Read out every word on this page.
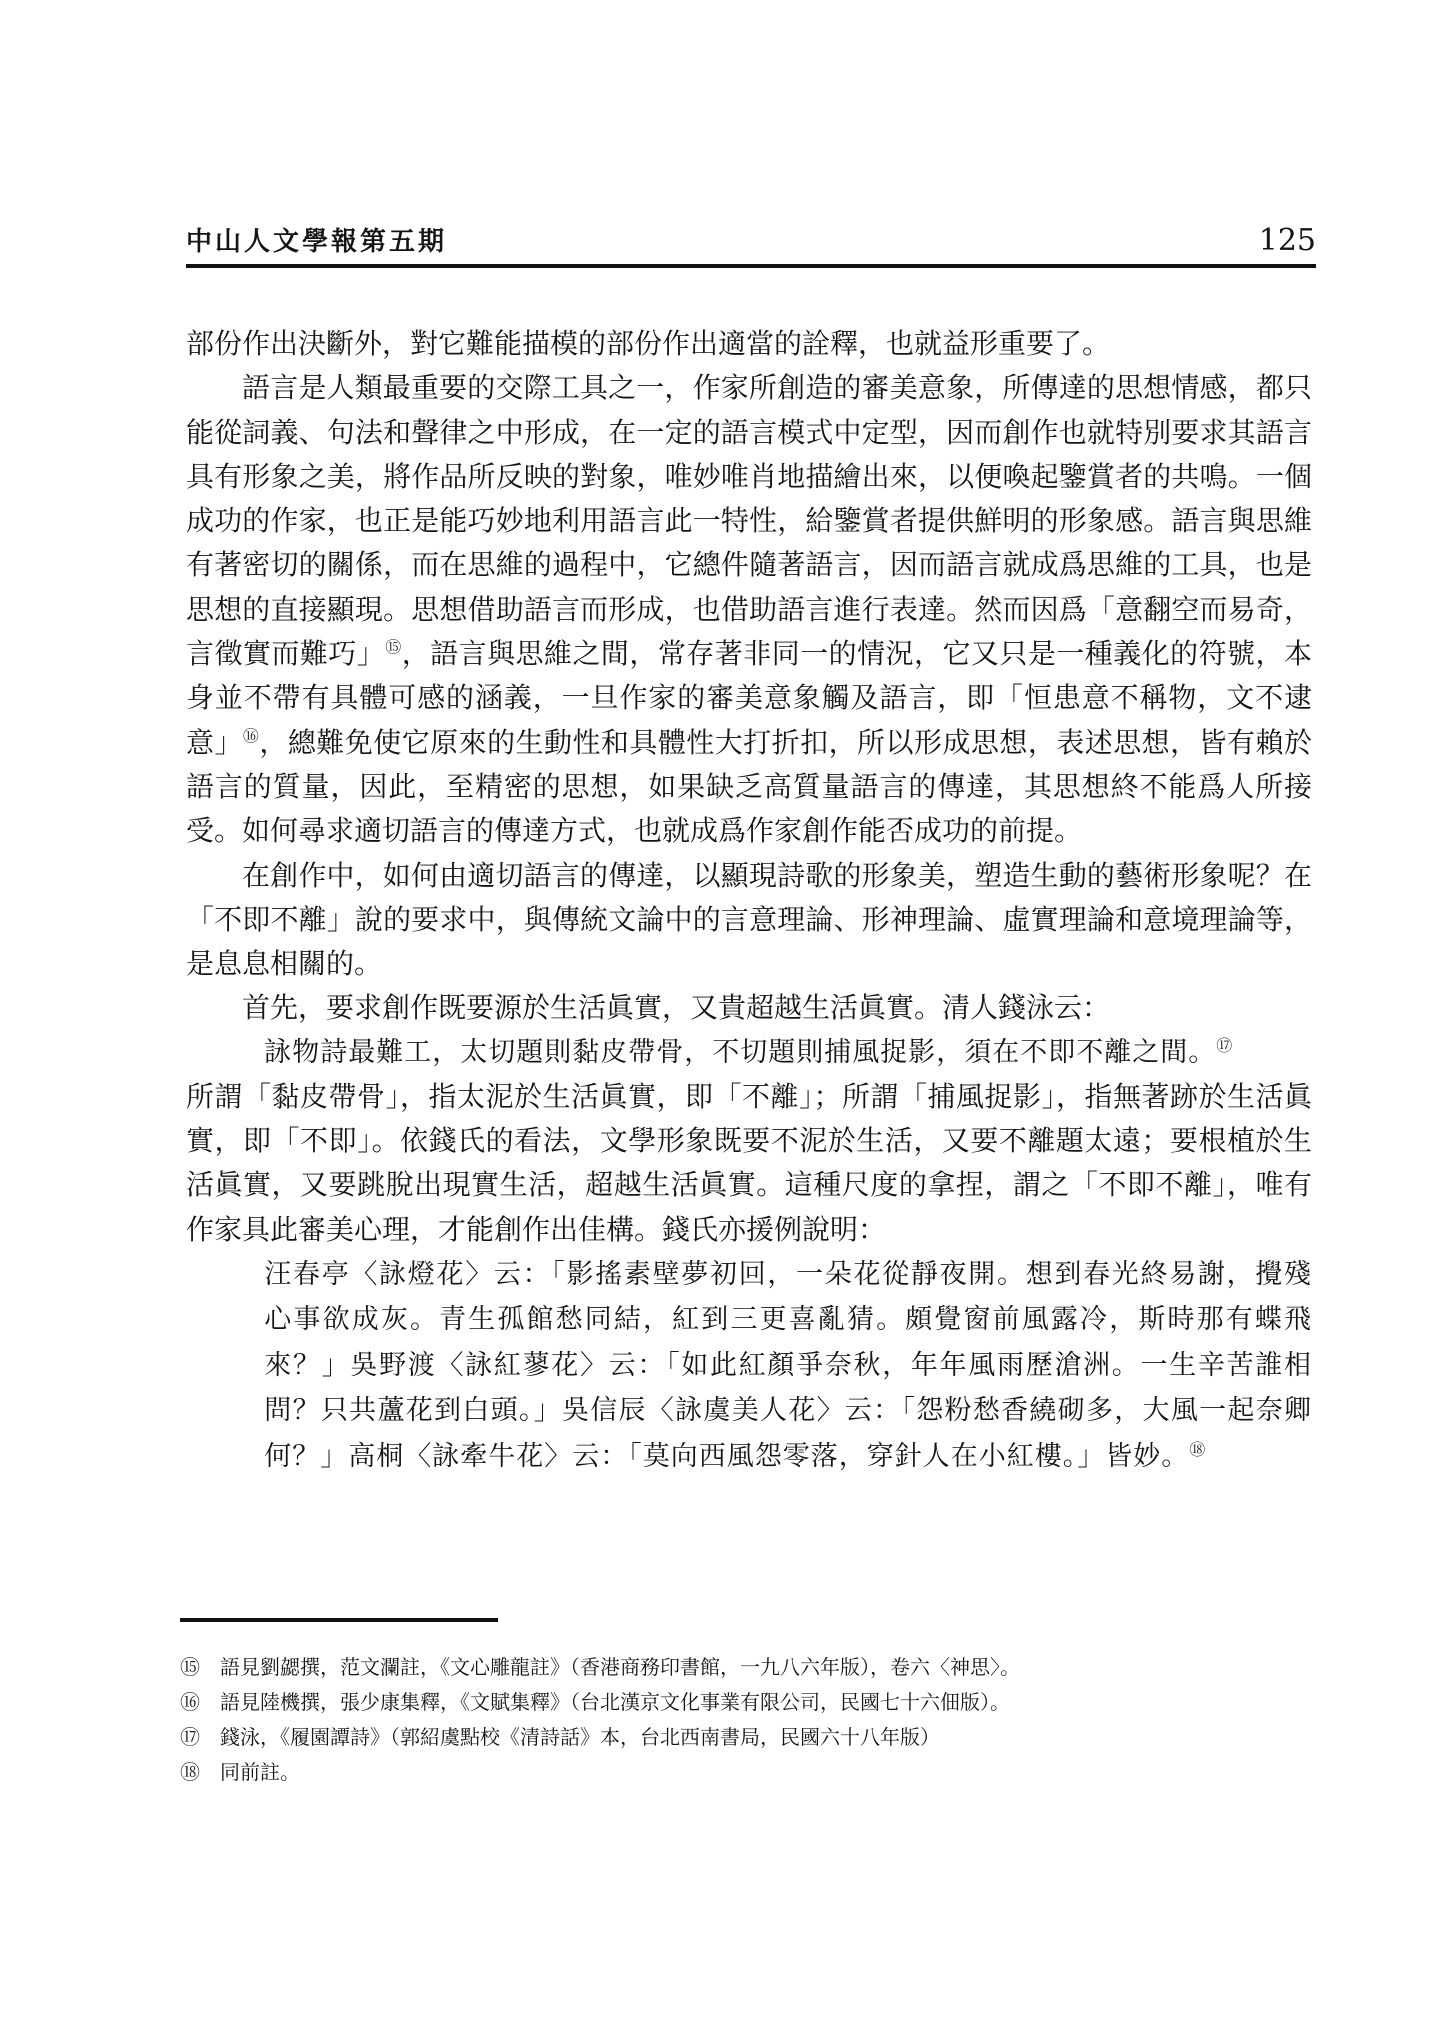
中山人文學報第五期	125

部份作出決斷外，對它難能描模的部份作出適當的詮釋，也就益形重要了。

語言是人類最重要的交際工具之一，作家所創造的審美意象，所傳達的思想情感，都只能從詞義、句法和聲律之中形成，在一定的語言模式中定型，因而創作也就特別要求其語言具有形象之美，將作品所反映的對象，唯妙唯肖地描繪出來，以便喚起鑒賞者的共鳴。一個成功的作家，也正是能巧妙地利用語言此一特性，給鑒賞者提供鮮明的形象感。語言與思維有著密切的關係，而在思維的過程中，它總件隨著語言，因而語言就成爲思維的工具，也是思想的直接顯現。思想借助語言而形成，也借助語言進行表達。然而因爲「意翻空而易奇，言徵實而難巧」⑮，語言與思維之間，常存著非同一的情況，它又只是一種義化的符號，本身並不帶有具體可感的涵義，一旦作家的審美意象觸及語言，即「恒患意不稱物，文不逮意」⑯，總難免使它原來的生動性和具體性大打折扣，所以形成思想，表述思想，皆有賴於語言的質量，因此，至精密的思想，如果缺乏高質量語言的傳達，其思想終不能爲人所接受。如何尋求適切語言的傳達方式，也就成爲作家創作能否成功的前提。

在創作中，如何由適切語言的傳達，以顯現詩歌的形象美，塑造生動的藝術形象呢？在「不即不離」說的要求中，與傳統文論中的言意理論、形神理論、虛實理論和意境理論等，是息息相關的。

首先，要求創作既要源於生活眞實，又貴超越生活眞實。清人錢泳云：

詠物詩最難工，太切題則黏皮帶骨，不切題則捕風捉影，須在不即不離之間。⑰

所謂「黏皮帶骨」，指太泥於生活眞實，即「不離」；所謂「捕風捉影」，指無著跡於生活眞實，即「不即」。依錢氏的看法，文學形象既要不泥於生活，又要不離題太遠；要根植於生活眞實，又要跳脫出現實生活，超越生活眞實。這種尺度的拿捏，謂之「不即不離」，唯有作家具此審美心理，才能創作出佳構。錢氏亦援例說明：

汪春亭〈詠燈花〉云：「影搖素壁夢初回，一朵花從靜夜開。想到春光終易謝，攪殘心事欲成灰。青生孤館愁同結，紅到三更喜亂猜。頗覺窗前風露冷，斯時那有蝶飛來？」吳野渡〈詠紅蓼花〉云：「如此紅顏爭奈秋，年年風雨歷滄洲。一生辛苦誰相問？只共蘆花到白頭。」吳信辰〈詠虞美人花〉云：「怨粉愁香繞砌多，大風一起奈卿何？」高桐〈詠牽牛花〉云：「莫向西風怨零落，穿針人在小紅樓。」皆妙。⑱

⑮	語見劉勰撰，范文瀾註，《文心雕龍註》（香港商務印書館，一九八六年版），卷六〈神思〉。
⑯	語見陸機撰，張少康集釋，《文賦集釋》（台北漢京文化事業有限公司，民國七十六佃版）。
⑰	錢泳，《履園譚詩》（郭紹虞點校《清詩話》本，台北西南書局，民國六十八年版）
⑱	同前註。
